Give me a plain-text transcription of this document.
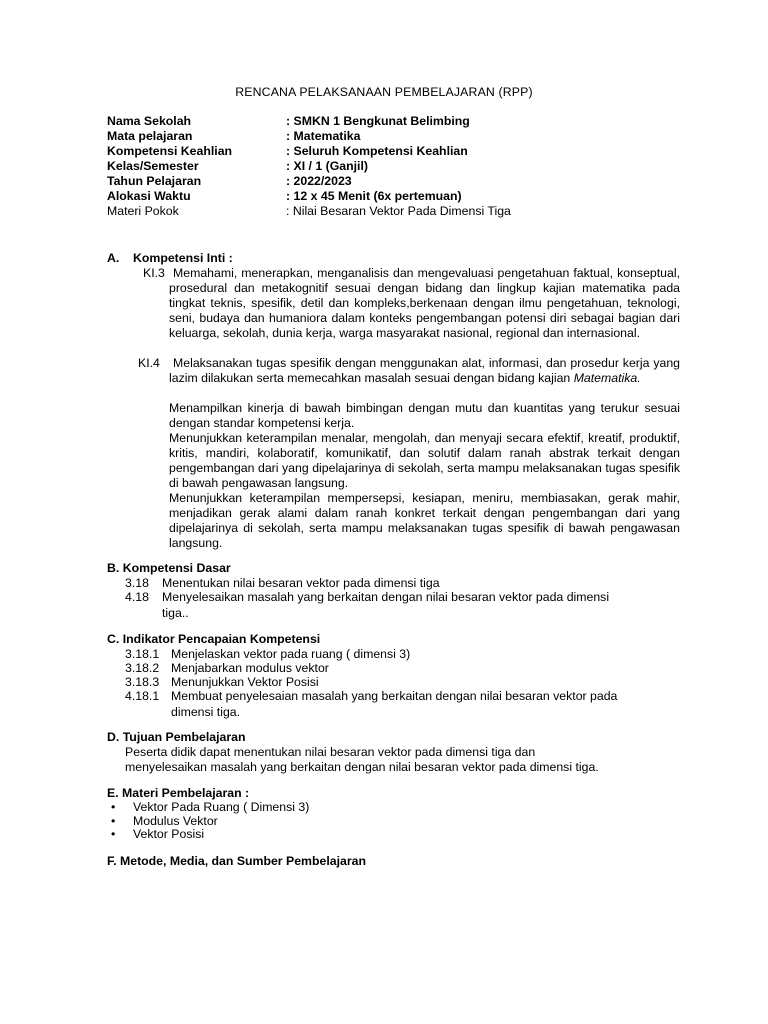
RENCANA PELAKSANAAN PEMBELAJARAN (RPP)
Nama Sekolah	: SMKN 1 Bengkunat Belimbing
Mata pelajaran	: Matematika
Kompetensi Keahlian	: Seluruh Kompetensi Keahlian
Kelas/Semester	: XI / 1 (Ganjil)
Tahun Pelajaran	: 2022/2023
Alokasi Waktu	: 12 x 45 Menit (6x pertemuan)
Materi Pokok	: Nilai Besaran Vektor Pada Dimensi Tiga
A. Kompetensi Inti :
KI.3 Memahami, menerapkan, menganalisis dan mengevaluasi pengetahuan faktual, konseptual, prosedural dan metakognitif sesuai dengan bidang dan lingkup kajian matematika pada tingkat teknis, spesifik, detil dan kompleks,berkenaan dengan ilmu pengetahuan, teknologi, seni, budaya dan humaniora dalam konteks pengembangan potensi diri sebagai bagian dari keluarga, sekolah, dunia kerja, warga masyarakat nasional, regional dan internasional.
KI.4	Melaksanakan tugas spesifik dengan menggunakan alat, informasi, dan prosedur kerja yang lazim dilakukan serta memecahkan masalah sesuai dengan bidang kajian Matematika.
Menampilkan kinerja di bawah bimbingan dengan mutu dan kuantitas yang terukur sesuai dengan standar kompetensi kerja.
Menunjukkan keterampilan menalar, mengolah, dan menyaji secara efektif, kreatif, produktif, kritis, mandiri, kolaboratif, komunikatif, dan solutif dalam ranah abstrak terkait dengan pengembangan dari yang dipelajarinya di sekolah, serta mampu melaksanakan tugas spesifik di bawah pengawasan langsung.
Menunjukkan keterampilan mempersepsi, kesiapan, meniru, membiasakan, gerak mahir, menjadikan gerak alami dalam ranah konkret terkait dengan pengembangan dari yang dipelajarinya di sekolah, serta mampu melaksanakan tugas spesifik di bawah pengawasan langsung.
B. Kompetensi Dasar
3.18 Menentukan nilai besaran vektor pada dimensi tiga
4.18 Menyelesaikan masalah yang berkaitan dengan nilai besaran vektor pada dimensi
tiga..
C. Indikator Pencapaian Kompetensi
3.18.1 Menjelaskan vektor pada ruang ( dimensi 3)
3.18.2 Menjabarkan modulus vektor
3.18.3 Menunjukkan Vektor Posisi
4.18.1 Membuat penyelesaian masalah yang berkaitan dengan nilai besaran vektor pada
dimensi tiga.
D. Tujuan Pembelajaran
Peserta didik dapat menentukan nilai besaran vektor pada dimensi tiga dan
menyelesaikan masalah yang berkaitan dengan nilai besaran vektor pada dimensi tiga.
E. Materi Pembelajaran :
• Vektor Pada Ruang ( Dimensi 3)
• Modulus Vektor
• Vektor Posisi
F. Metode, Media, dan Sumber Pembelajaran
